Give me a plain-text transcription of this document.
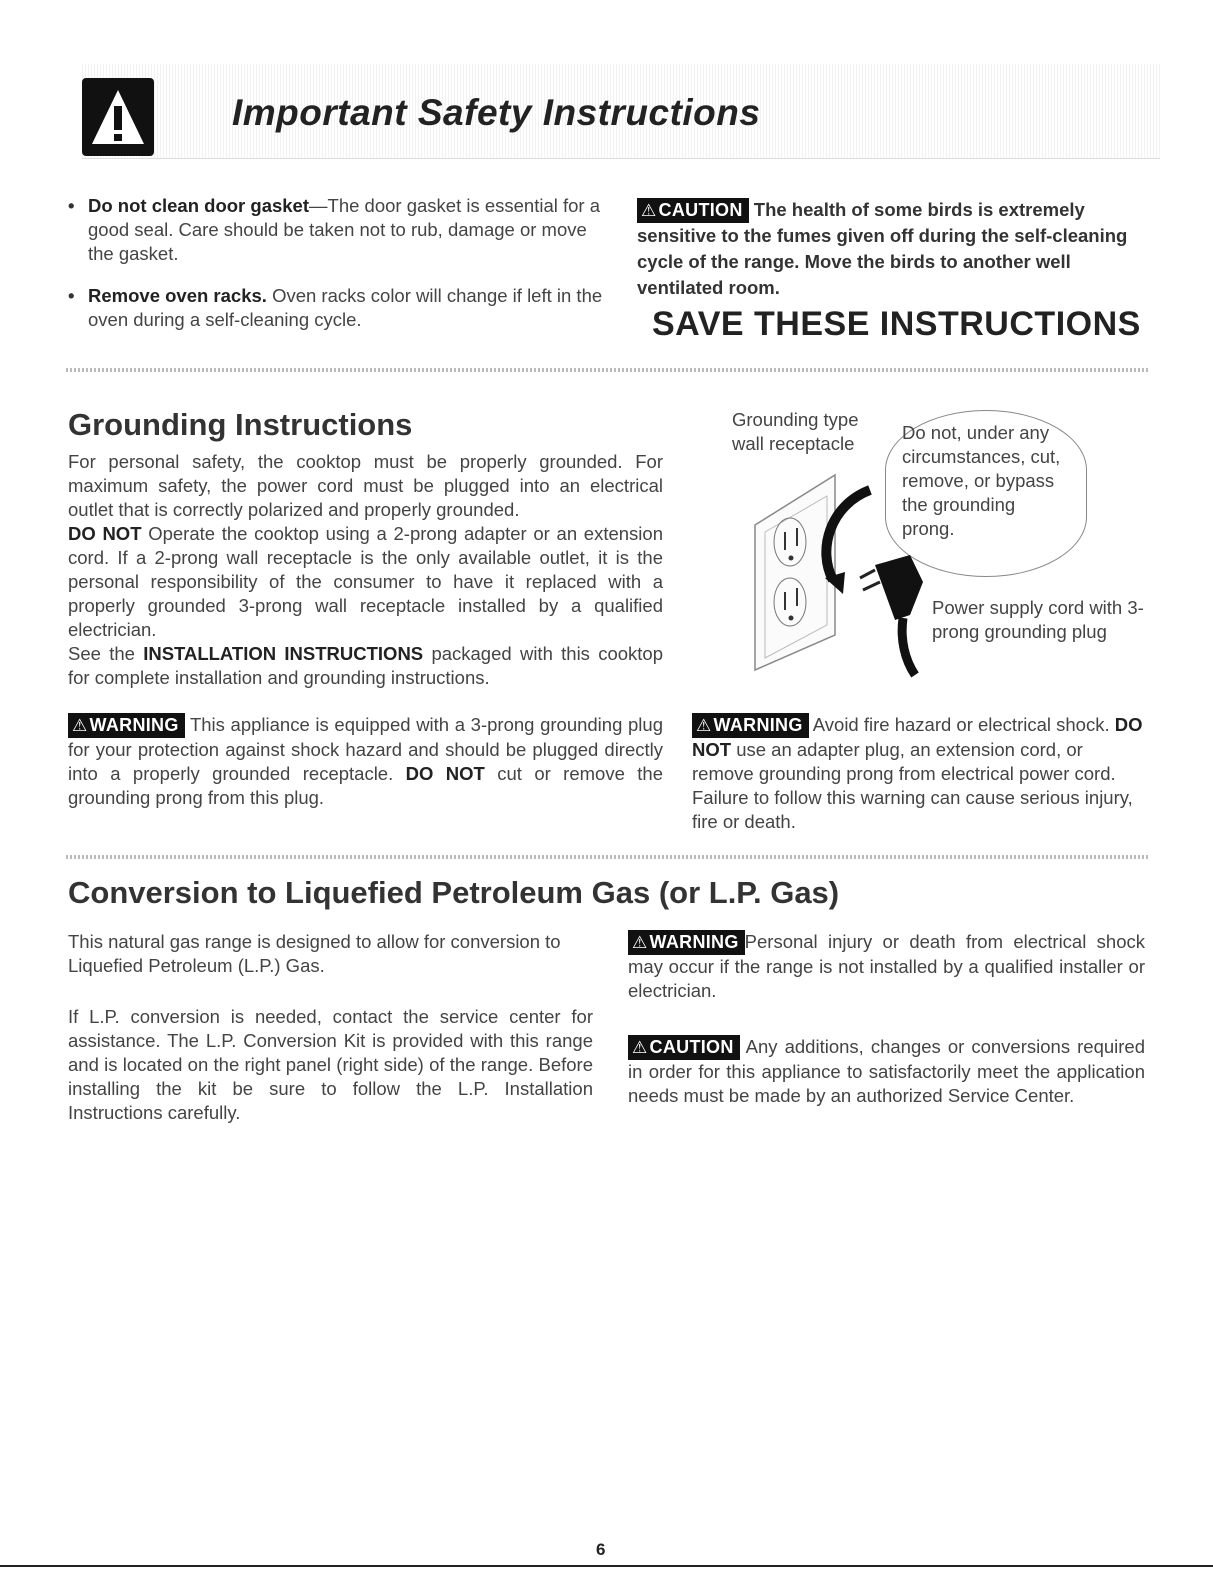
Important Safety Instructions
• Do not clean door gasket—The door gasket is essential for a good seal. Care should be taken not to rub, damage or move the gasket.
• Remove oven racks. Oven racks color will change if left in the oven during a self-cleaning cycle.
⚠ CAUTION The health of some birds is extremely sensitive to the fumes given off during the self-cleaning cycle of the range. Move the birds to another well ventilated room.
SAVE THESE INSTRUCTIONS
Grounding Instructions

For personal safety, the cooktop must be properly grounded. For maximum safety, the power cord must be plugged into an electrical outlet that is correctly polarized and properly grounded.

DO NOT Operate the cooktop using a 2-prong adapter or an extension cord. If a 2-prong wall receptacle is the only available outlet, it is the personal responsibility of the consumer to have it replaced with a properly grounded 3-prong wall receptacle installed by a qualified electrician.

See the INSTALLATION INSTRUCTIONS packaged with this cooktop for complete installation and grounding instructions.

⚠ WARNING This appliance is equipped with a 3-prong grounding plug for your protection against shock hazard and should be plugged directly into a properly grounded receptacle. DO NOT cut or remove the grounding prong from this plug.
Grounding type wall receptacle
Do not, under any circumstances, cut, remove, or bypass the grounding prong.
Power supply cord with 3-prong grounding plug
⚠ WARNING Avoid fire hazard or electrical shock. DO NOT use an adapter plug, an extension cord, or remove grounding prong from electrical power cord. Failure to follow this warning can cause serious injury, fire or death.
Conversion to Liquefied Petroleum Gas (or L.P. Gas)
This natural gas range is designed to allow for conversion to Liquefied Petroleum (L.P.) Gas.
If L.P. conversion is needed, contact the service center for assistance. The L.P. Conversion Kit is provided with this range and is located on the right panel (right side) of the range. Before installing the kit be sure to follow the L.P. Installation Instructions carefully.
⚠ WARNING Personal injury or death from electrical shock may occur if the range is not installed by a qualified installer or electrician.
⚠ CAUTION Any additions, changes or conversions required in order for this appliance to satisfactorily meet the application needs must be made by an authorized Service Center.
6
